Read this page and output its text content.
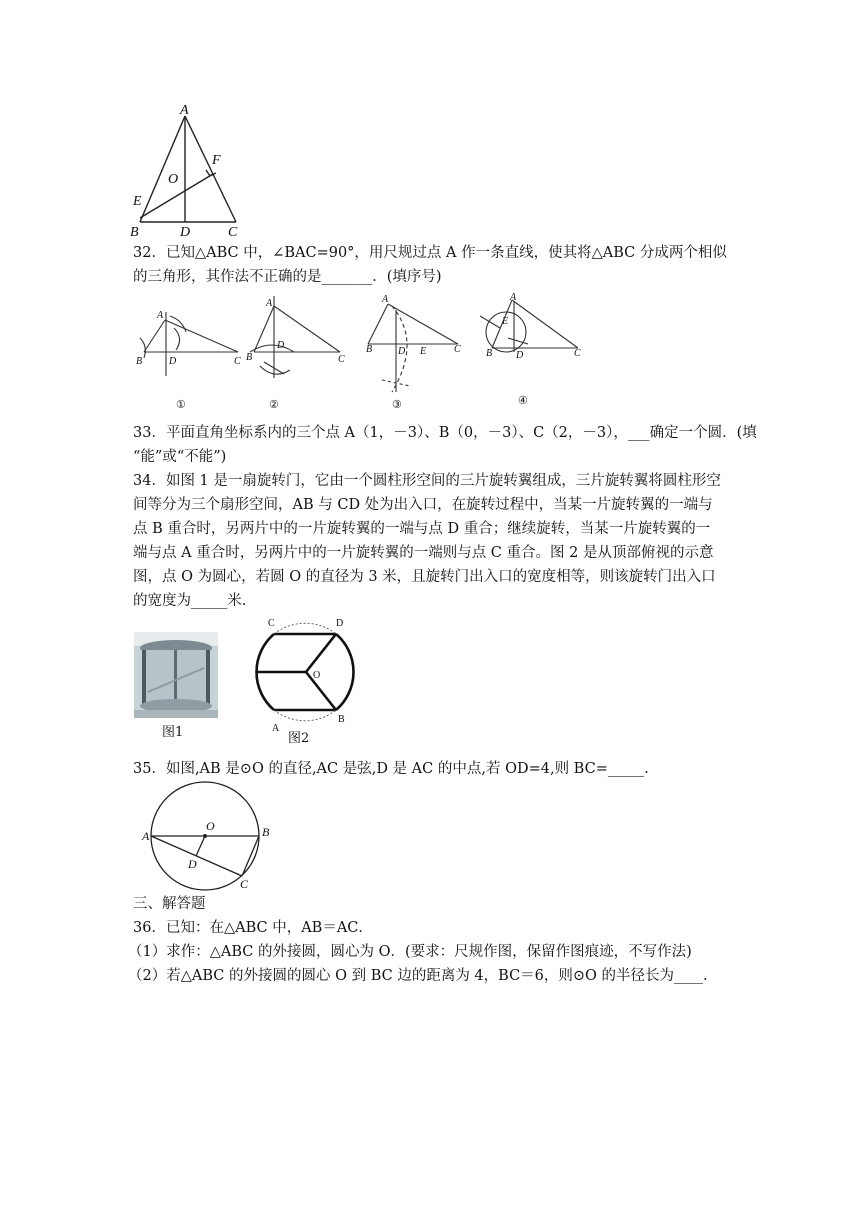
A
F
O
E
B	D	C
32．已知△ABC 中，∠BAC=90°，用尺规过点 A 作一条直线，使其将△ABC 分成两个相似
的三角形，其作法不正确的是_______．(填序号)
A
B	D	C
A
B
D
C
A
B	D E	C
A
E
B D	C
①	②	③	④
33．平面直角坐标系内的三个点 A（1，－3）、B（0，－3）、C（2，－3），___确定一个圆．(填
“能”或“不能”)
34．如图 1 是一扇旋转门，它由一个圆柱形空间的三片旋转翼组成，三片旋转翼将圆柱形空
间等分为三个扇形空间，AB 与 CD 处为出入口，在旋转过程中，当某一片旋转翼的一端与
点 B 重合时，另两片中的一片旋转翼的一端与点 D 重合；继续旋转，当某一片旋转翼的一
端与点 A 重合时，另两片中的一片旋转翼的一端则与点 C 重合。图 2 是从顶部俯视的示意
图，点 O 为圆心，若圆 O 的直径为 3 米，且旋转门出入口的宽度相等，则该旋转门出入口
的宽度为_____米.
图1
C	D
O
A
B
图2
35．如图,AB 是⊙O 的直径,AC 是弦,D 是 AC 的中点,若 OD=4,则 BC=_____.
A
O	B
D
C
三、解答题
36．已知：在△ABC 中，AB＝AC．
（1）求作：△ABC 的外接圆，圆心为 O．(要求：尺规作图，保留作图痕迹，不写作法)
（2）若△ABC 的外接圆的圆心 O 到 BC 边的距离为 4，BC＝6，则⊙O 的半径长为____.
